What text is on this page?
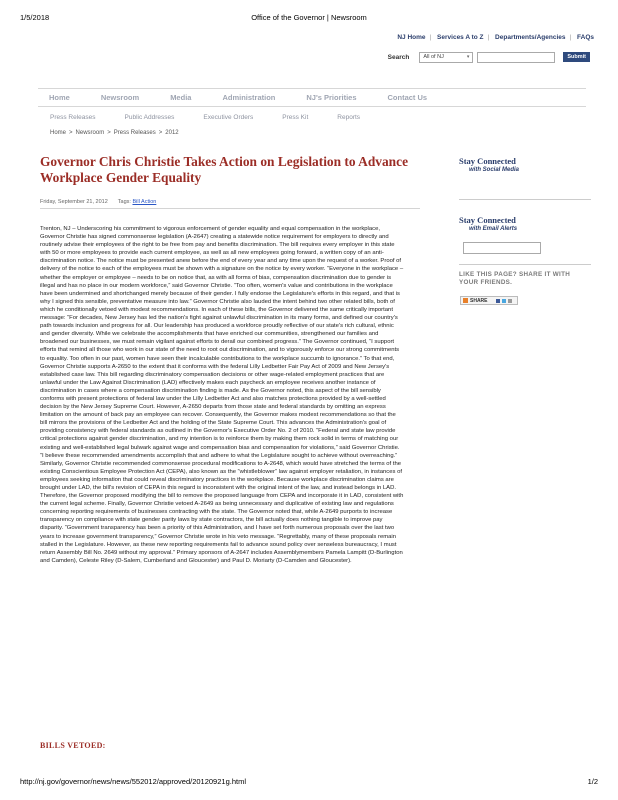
1/5/2018	Office of the Governor | Newsroom
NJ Home | Services A to Z | Departments/Agencies | FAQs
Search	All of NJ	▾	Submit
Home	Newsroom	Media	Administration	NJ's Priorities	Contact Us
Press Releases	Public Addresses	Executive Orders	Press Kit	Reports
Home > Newsroom > Press Releases > 2012
Governor Chris Christie Takes Action on Legislation to Advance Workplace Gender Equality
Friday, September 21, 2012 Tags: Bill Action
Trenton, NJ – Underscoring his commitment to vigorous enforcement of gender equality and equal compensation in the workplace, Governor Christie has signed commonsense legislation (A-2647) creating a statewide notice requirement for employers to directly and routinely advise their employees of the right to be free from pay and benefits discrimination. The bill requires every employer in this state with 50 or more employees to provide each current employee, as well as all new employees going forward, a written copy of an anti-discrimination notice. The notice must be presented anew before the end of every year and any time upon the request of a worker. Proof of delivery of the notice to each of the employees must be shown with a signature on the notice by every worker. “Everyone in the workplace – whether the employer or employee – needs to be on notice that, as with all forms of bias, compensation discrimination due to gender is illegal and has no place in our modern workforce,” said Governor Christie. “Too often, women's value and contributions in the workplace have been undermined and shortchanged merely because of their gender. I fully endorse the Legislature's efforts in this regard, and that is why I signed this sensible, preventative measure into law.” Governor Christie also lauded the intent behind two other related bills, both of which he conditionally vetoed with modest recommendations. In each of these bills, the Governor delivered the same critically important message: “For decades, New Jersey has led the nation's fight against unlawful discrimination in its many forms, and defined our country's path towards inclusion and progress for all. Our leadership has produced a workforce proudly reflective of our state's rich cultural, ethnic and gender diversity. While we celebrate the accomplishments that have enriched our communities, strengthened our families and broadened our businesses, we must remain vigilant against efforts to derail our combined progress.” The Governor continued, “I support efforts that remind all those who work in our state of the need to root out discrimination, and to vigorously enforce our strong commitments to equality. Too often in our past, women have seen their incalculable contributions to the workplace succumb to ignorance.” To that end, Governor Christie supports A-2650 to the extent that it conforms with the federal Lilly Ledbetter Fair Pay Act of 2009 and New Jersey's established case law. This bill regarding discriminatory compensation decisions or other wage-related employment practices that are unlawful under the Law Against Discrimination (LAD) effectively makes each paycheck an employee receives another instance of discrimination in cases where a compensation discrimination finding is made. As the Governor noted, this aspect of the bill sensibly conforms with present protections of federal law under the Lilly Ledbetter Act and also matches protections provided by a well-settled decision by the New Jersey Supreme Court. However, A-2650 departs from those state and federal standards by omitting an express limitation on the amount of back pay an employee can recover. Consequently, the Governor makes modest recommendations so that the bill mirrors the provisions of the Ledbetter Act and the holding of the State Supreme Court. This advances the Administration's goal of providing consistency with federal standards as outlined in the Governor's Executive Order No. 2 of 2010. “Federal and state law provide critical protections against gender discrimination, and my intention is to reinforce them by making them rock solid in terms of matching our existing and well-established legal bulwark against wage and compensation bias and compensation for violations,” said Governor Christie. “I believe these recommended amendments accomplish that and adhere to what the Legislature sought to achieve without overreaching.” Similarly, Governor Christie recommended commonsense procedural modifications to A-2648, which would have stretched the terms of the existing Conscientious Employee Protection Act (CEPA), also known as the “whistleblower” law against employer retaliation, in instances of employees seeking information that could reveal discriminatory practices in the workplace. Because workplace discrimination claims are brought under LAD, the bill's revision of CEPA in this regard is inconsistent with the original intent of the law, and instead belongs in LAD. Therefore, the Governor proposed modifying the bill to remove the proposed language from CEPA and incorporate it in LAD, consistent with the current legal scheme. Finally, Governor Christie vetoed A-2649 as being unnecessary and duplicative of existing law and regulations concerning reporting requirements of businesses contracting with the state. The Governor noted that, while A-2649 purports to increase transparency on compliance with state gender parity laws by state contractors, the bill actually does nothing tangible to improve pay disparity. “Government transparency has been a priority of this Administration, and I have set forth numerous proposals over the last two years to increase government transparency,” Governor Christie wrote in his veto message. “Regrettably, many of these proposals remain stalled in the Legislature. However, as these new reporting requirements fail to advance sound policy over senseless bureaucracy, I must return Assembly Bill No. 2649 without my approval.” Primary sponsors of A-2647 includes Assemblymembers Pamela Lampitt (D-Burlington and Camden), Celeste Riley (D-Salem, Cumberland and Gloucester) and Paul D. Moriarty (D-Camden and Gloucester).
BILLS VETOED:
Stay Connected
with Social Media
Stay Connected
with Email Alerts
LIKE THIS PAGE? SHARE IT WITH YOUR FRIENDS.
SHARE
http://nj.gov/governor/news/news/552012/approved/20120921g.html	1/2
